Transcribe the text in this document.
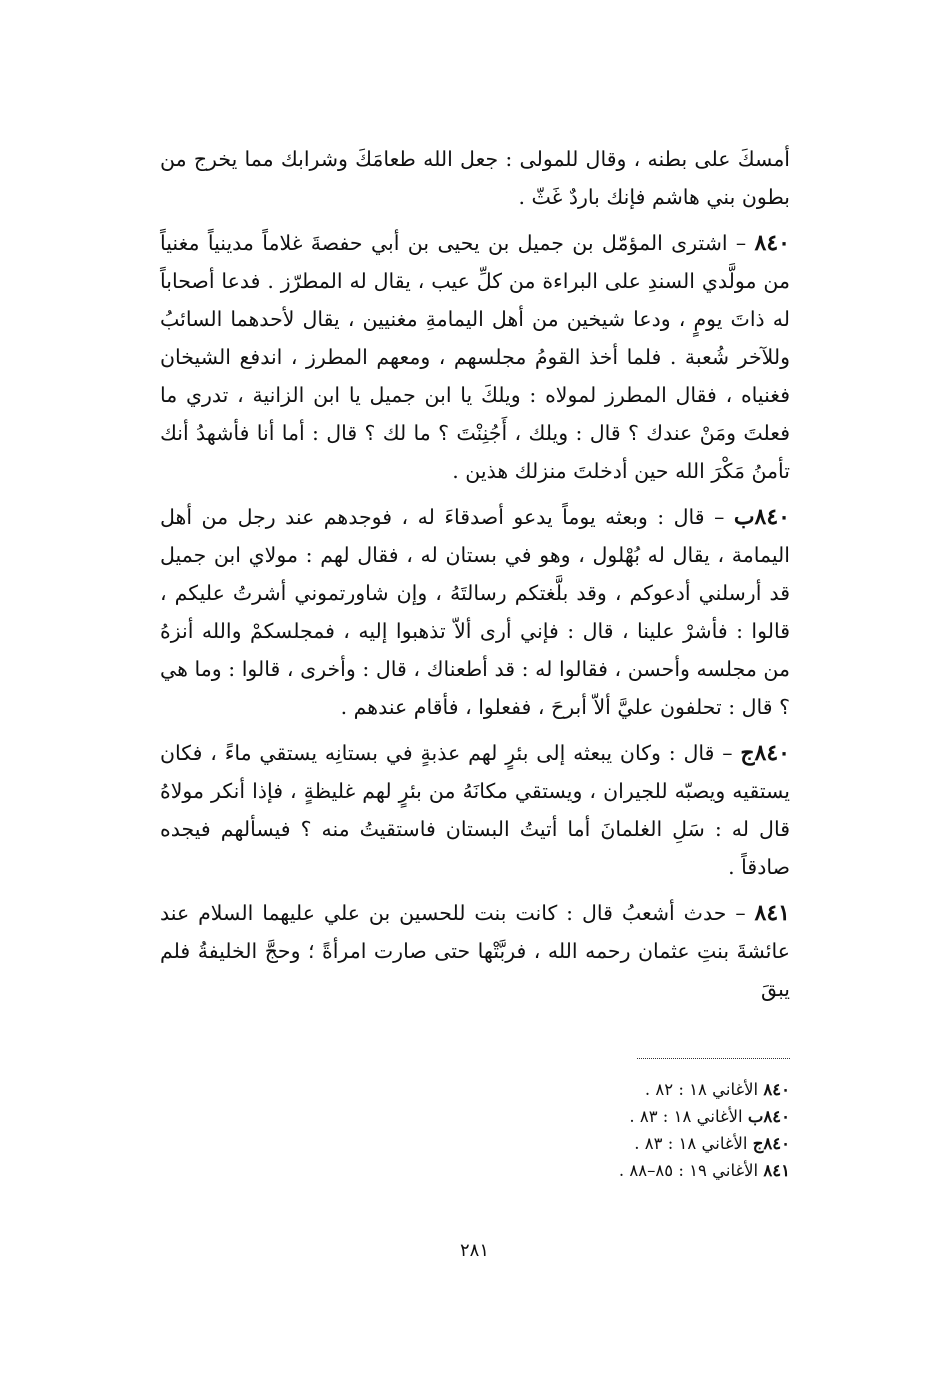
أمسكَ على بطنه ، وقال للمولى : جعل الله طعامَكَ وشرابك مما يخرج من بطون بني هاشم فإنك باردٌ غَثّ .

٨٤٠ – اشترى المؤمّل بن جميل بن يحيى بن أبي حفصةَ غلاماً مدينياً مغنياً من مولَّدي السندِ على البراءة من كلِّ عيب ، يقال له المطرّز . فدعا أصحاباً له ذاتَ يومٍ ، ودعا شيخين من أهل اليمامةِ مغنيين ، يقال لأحدهما السائبُ وللآخر شُعبة . فلما أخذ القومُ مجلسهم ، ومعهم المطرز ، اندفع الشيخان فغنياه ، فقال المطرز لمولاه : ويلكَ يا ابن جميل يا ابن الزانية ، تدري ما فعلتَ ومَنْ عندك ؟ قال : ويلك ، أَجُنِنْتَ ؟ ما لك ؟ قال : أما أنا فأشهدُ أنك تأمنُ مَكْرَ الله حين أدخلتَ منزلك هذين .

٨٤٠ب – قال : وبعثه يوماً يدعو أصدقاءَ له ، فوجدهم عند رجل من أهل اليمامة ، يقال له بُهْلول ، وهو في بستان له ، فقال لهم : مولاي ابن جميل قد أرسلني أدعوكم ، وقد بلَّغتكم رسالتَهُ ، وإن شاورتموني أشرتُ عليكم ، قالوا : فأشرْ علينا ، قال : فإني أرى ألاّ تذهبوا إليه ، فمجلسكمْ والله أنزهُ من مجلسه وأحسن ، فقالوا له : قد أطعناك ، قال : وأخرى ، قالوا : وما هي ؟ قال : تحلفون عليَّ ألاّ أبرحَ ، ففعلوا ، فأقام عندهم .

٨٤٠ج – قال : وكان يبعثه إلى بئرٍ لهم عذبةٍ في بستانِه يستقي ماءً ، فكان يستقيه ويصبّه للجيران ، ويستقي مكانَهُ من بئرٍ لهم غليظةٍ ، فإذا أنكر مولاهُ قال له : سَلِ الغلمانَ أما أتيتُ البستان فاستقيتُ منه ؟ فيسألهم فيجده صادقاً .

٨٤١ – حدث أشعبُ قال : كانت بنت للحسين بن علي عليهما السلام عند عائشةَ بنتِ عثمان رحمه الله ، فربَّتْها حتى صارت امرأةً ؛ وحجَّ الخليفةُ فلم يبقَ

٨٤٠ الأغاني ١٨ : ٨٢ .

٨٤٠ب الأغاني ١٨ : ٨٣ .

٨٤٠ج الأغاني ١٨ : ٨٣ .

٨٤١ الأغاني ١٩ : ٨٥–٨٨ .

٢٨١
